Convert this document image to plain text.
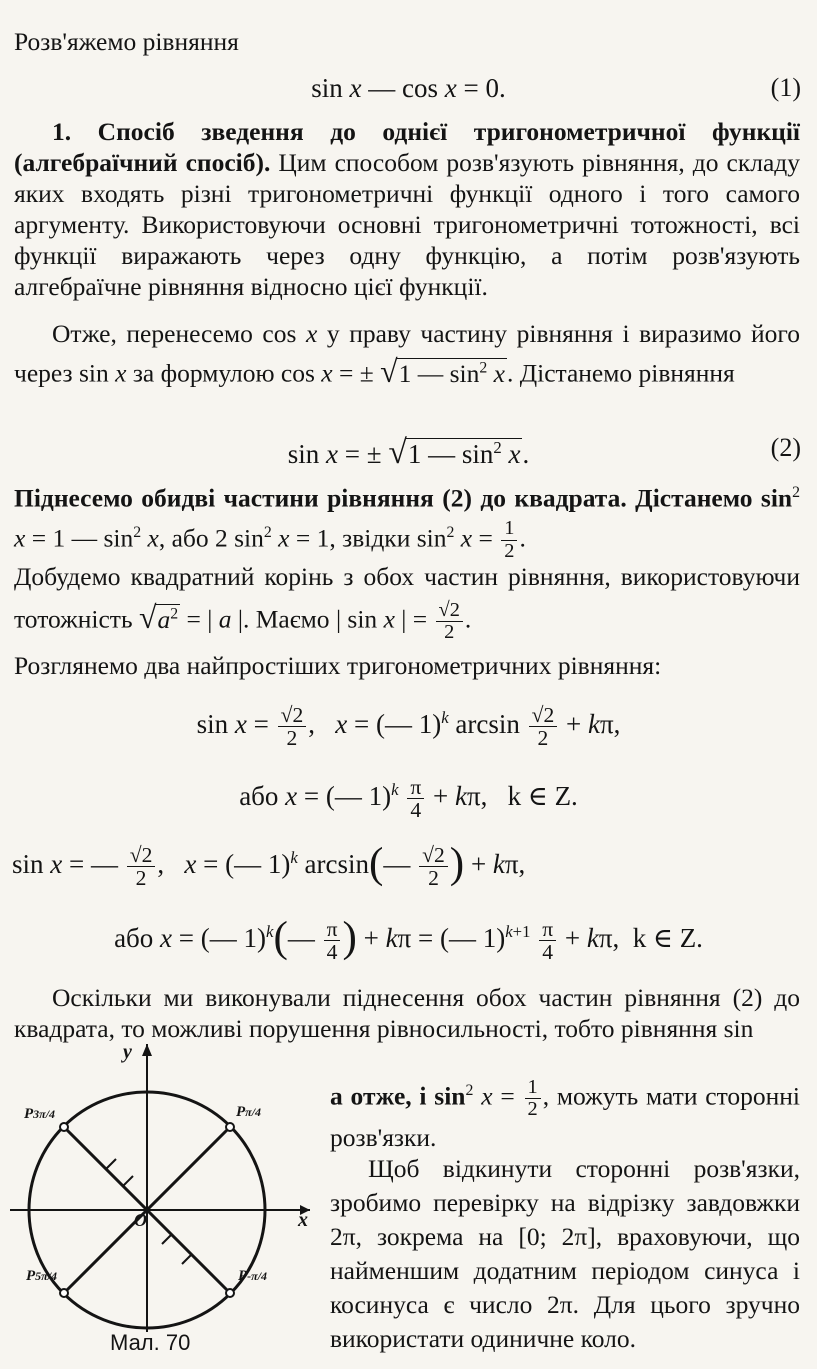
Розв'яжемо рівняння

sin x — cos x = 0.	(1)

1. Спосіб зведення до однієї тригонометричної функції (алгебраїчний спосіб). Цим способом розв'язують рівняння, до складу яких входять різні тригонометричні функції одного і того самого аргументу. Використовуючи основні тригонометричні тотожності, всі функції виражають через одну функцію, а потім розв'язують алгебраїчне рівняння відносно цієї функції.

Отже, перенесемо cos x у праву частину рівняння і виразимо його через sin x за формулою cos x = ± √1 — $\sin^2 x$. Дістанемо рівняння

sin x = ± √1 — $\sin^2 x$.	(2)

Піднесемо обидві частини рівняння (2) до квадрата. Дістанемо $\sin^2 x = 1$ — $\sin^2 x$, або 2 $\sin^2 x = 1$, звідки $\sin^2 x = \frac{1}{2}$ .

Добудемо квадратний корінь з обох частин рівняння, використовуючи тотожність $√a^2$ = | a |. Маємо | sin x | = $\frac{√2}{2}$ .

Розглянемо два найпростіших тригонометричних рівняння:

$\sin x = \frac{√2}{2}$ ,   x = (— 1)$^k$ $\arcsin \frac{√2}{2} + k\pi$,
або x = (— $1)^k \frac{\pi}{4} + k\pi$,   k ∈ Z.
sin x = — $\frac{√2}{2}$ ,   x = (— 1)$^k$ arcsin(— $\frac{√2}{2}$ ) + kπ,
або x = (— 1)$^k$(— $\frac{\pi}{4}$ ) + kπ = (— $1)^{k+1} \frac{\pi}{4} + k\pi$,  k ∈ Z.

Оскільки ми виконували піднесення обох частин рівняння (2) до квадрата, то можливі порушення рівносильності, тобто рівняння sin

а отже, і $\sin^2 x = \frac{1}{2}$ , можуть мати сторонні розв'язки.

Щоб відкинути сторонні розв'язки, зробимо перевірку на відрізку завдовжки 2π, зокрема на [0; 2π], враховуючи, що найменшим додатним періодом синуса і косинуса є число 2π. Для цього зручно використати одиничне коло.

y
x
O
Pπ/4
P3π/4
P5π/4	P-π/4
Мал. 70
